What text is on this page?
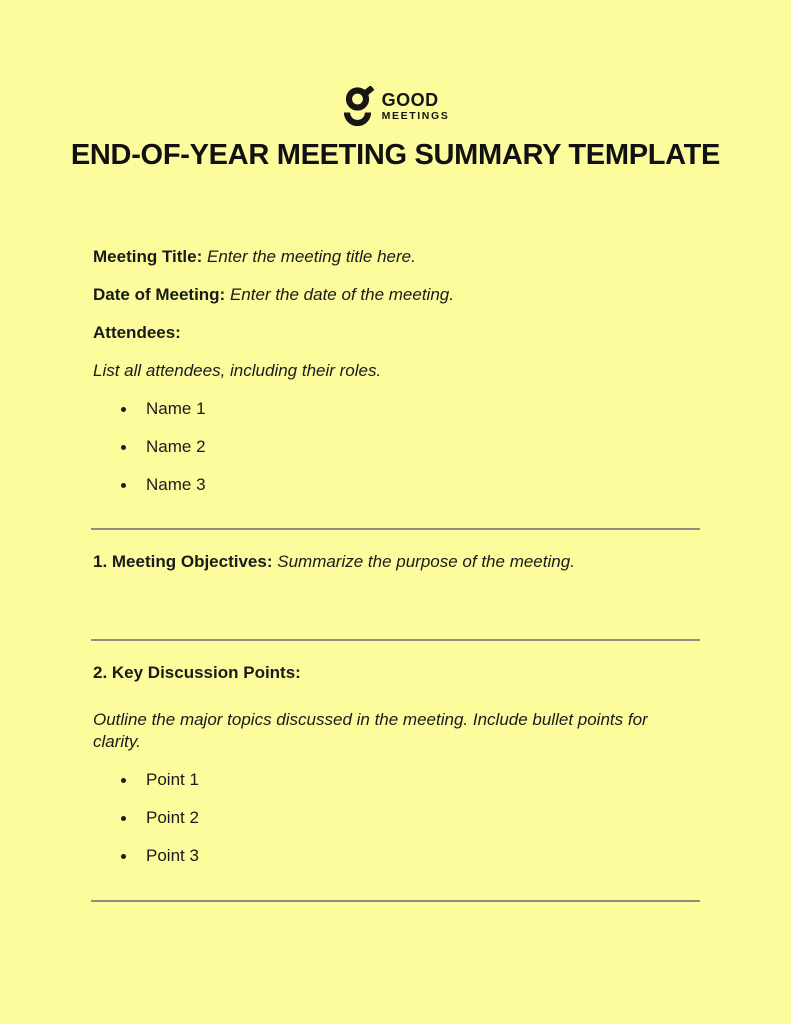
GOOD
MEETINGS
END-OF-YEAR MEETING SUMMARY TEMPLATE

Meeting Title: Enter the meeting title here.

Date of Meeting: Enter the date of the meeting.

Attendees:

List all attendees, including their roles.

Name 1
Name 2
Name 3

1. Meeting Objectives: Summarize the purpose of the meeting.

2. Key Discussion Points:

Outline the major topics discussed in the meeting. Include bullet points for clarity.

Point 1
Point 2
Point 3
